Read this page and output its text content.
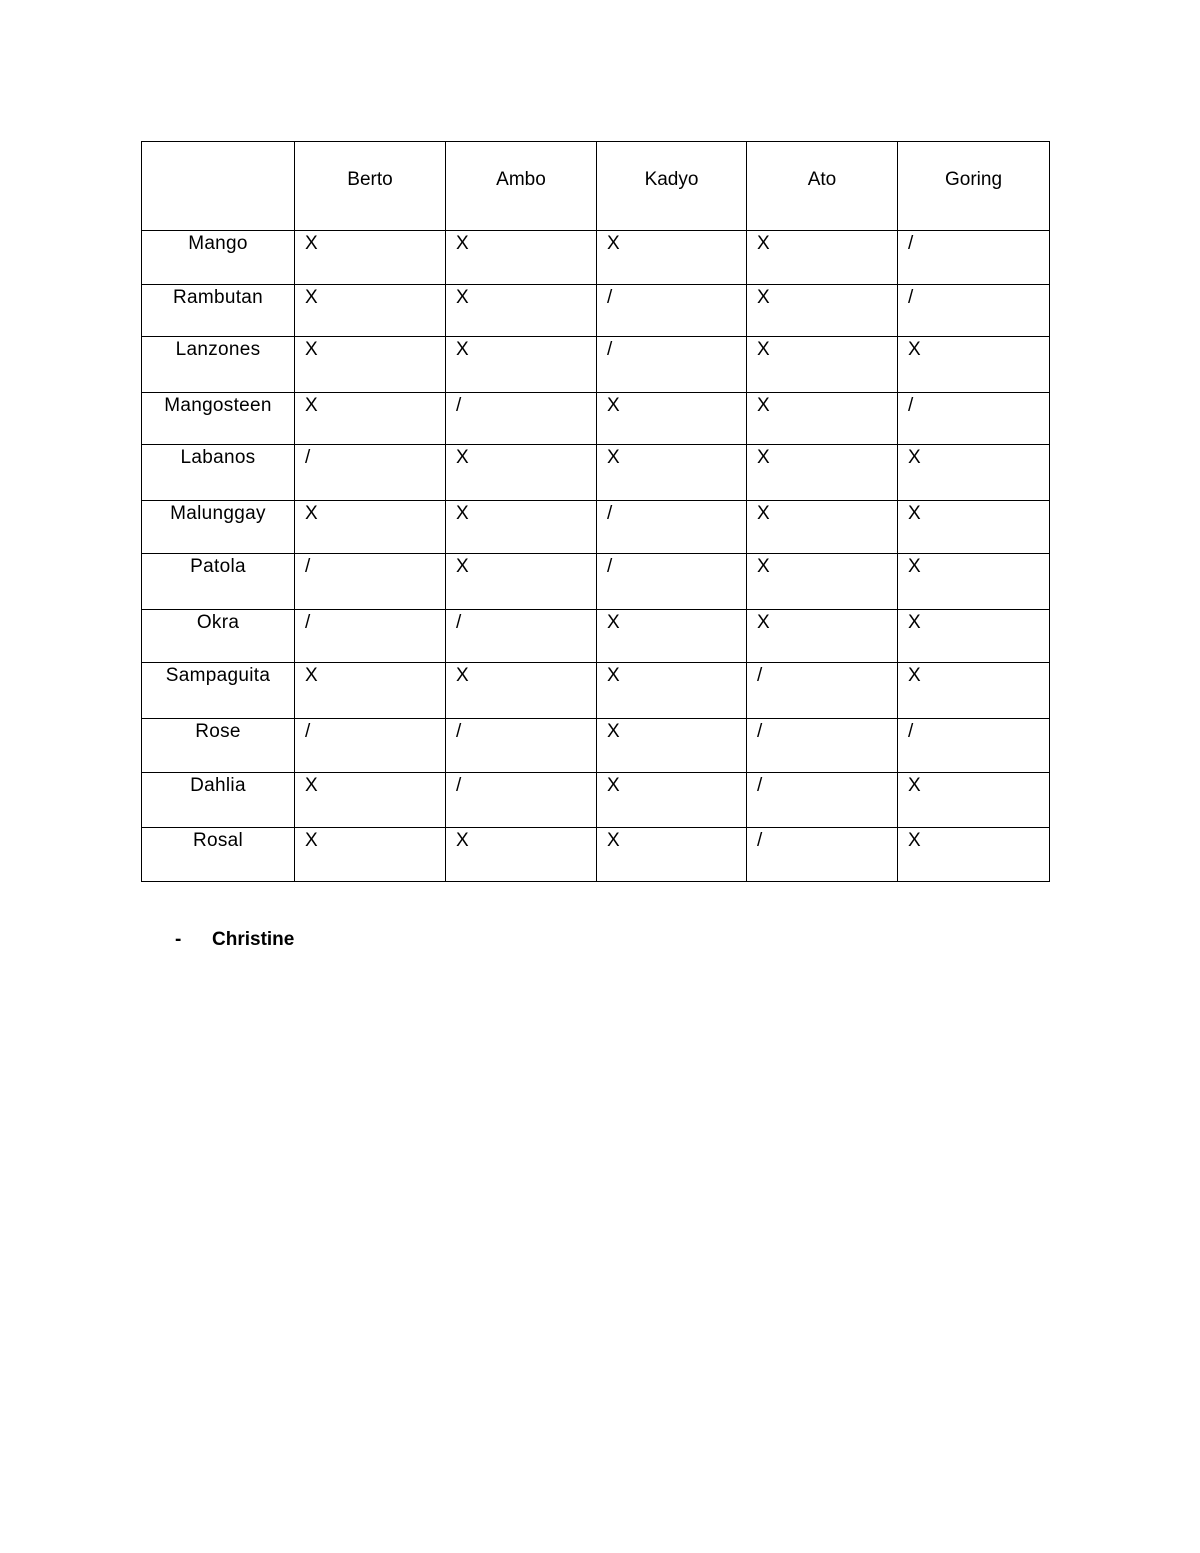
	Berto	Ambo	Kadyo	Ato	Goring
Mango	X	X	X	X	/
Rambutan	X	X	/	X	/
Lanzones	X	X	/	X	X
Mangosteen	X	/	X	X	/
Labanos	/	X	X	X	X
Malunggay	X	X	/	X	X
Patola	/	X	/	X	X
Okra	/	/	X	X	X
Sampaguita	X	X	X	/	X
Rose	/	/	X	/	/
Dahlia	X	/	X	/	X
Rosal	X	X	X	/	X
- Christine
